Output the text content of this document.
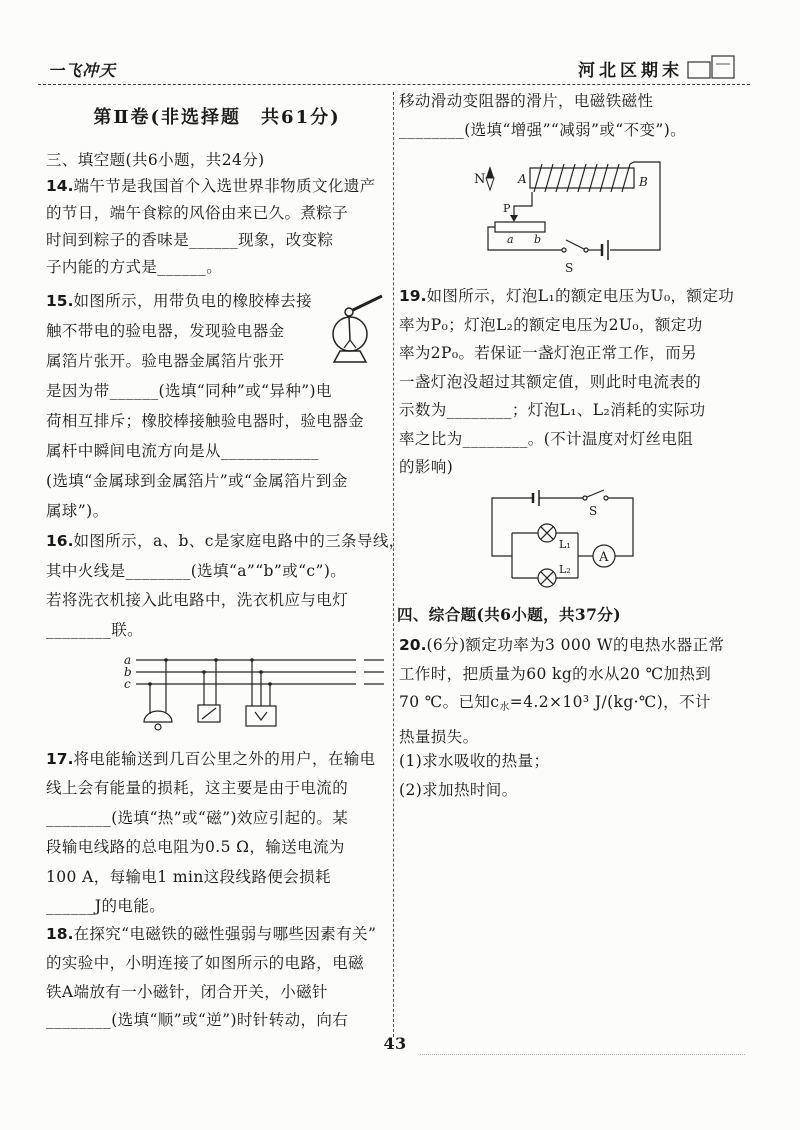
一飞冲天	河北区期末
第Ⅱ卷(非选择题　共61分)
三、填空题(共6小题，共24分)
14.端午节是我国首个入选世界非物质文化遗产
的节日，端午食粽的风俗由来已久。煮粽子
时间到粽子的香味是______现象，改变粽
子内能的方式是______。
15.如图所示，用带负电的橡胶棒去接
触不带电的验电器，发现验电器金
属箔片张开。验电器金属箔片张开
是因为带______(选填“同种”或“异种”)电
荷相互排斥；橡胶棒接触验电器时，验电器金
属杆中瞬间电流方向是从____________
(选填“金属球到金属箔片”或“金属箔片到金
属球”)。
16.如图所示，a、b、c是家庭电路中的三条导线，
其中火线是________(选填“a”“b”或“c”)。
若将洗衣机接入此电路中，洗衣机应与电灯
________联。
a
b
c
17.将电能输送到几百公里之外的用户，在输电
线上会有能量的损耗，这主要是由于电流的
________(选填“热”或“磁”)效应引起的。某
段输电线路的总电阻为0.5 Ω，输送电流为
100 A，每输电1 min这段线路便会损耗
______J的电能。
18.在探究“电磁铁的磁性强弱与哪些因素有关”
的实验中，小明连接了如图所示的电路，电磁
铁A端放有一小磁针，闭合开关，小磁针
________(选填“顺”或“逆”)时针转动，向右
移动滑动变阻器的滑片，电磁铁磁性
________(选填“增强”“减弱”或“不变”)。
N	A	B
P
a b
S
19.如图所示，灯泡L₁的额定电压为U₀，额定功
率为P₀；灯泡L₂的额定电压为2U₀，额定功
率为2P₀。若保证一盏灯泡正常工作，而另
一盏灯泡没超过其额定值，则此时电流表的
示数为________；灯泡L₁、L₂消耗的实际功
率之比为________。(不计温度对灯丝电阻
的影响)
A
S
L₁
L₂
四、综合题(共6小题，共37分)
20.(6分)额定功率为3 000 W的电热水器正常
工作时，把质量为60 kg的水从20 ℃加热到
70 ℃。已知$c_水=4.2\times 10^3$ J/(kg·℃)，不计
热量损失。
(1)求水吸收的热量；
(2)求加热时间。
43
